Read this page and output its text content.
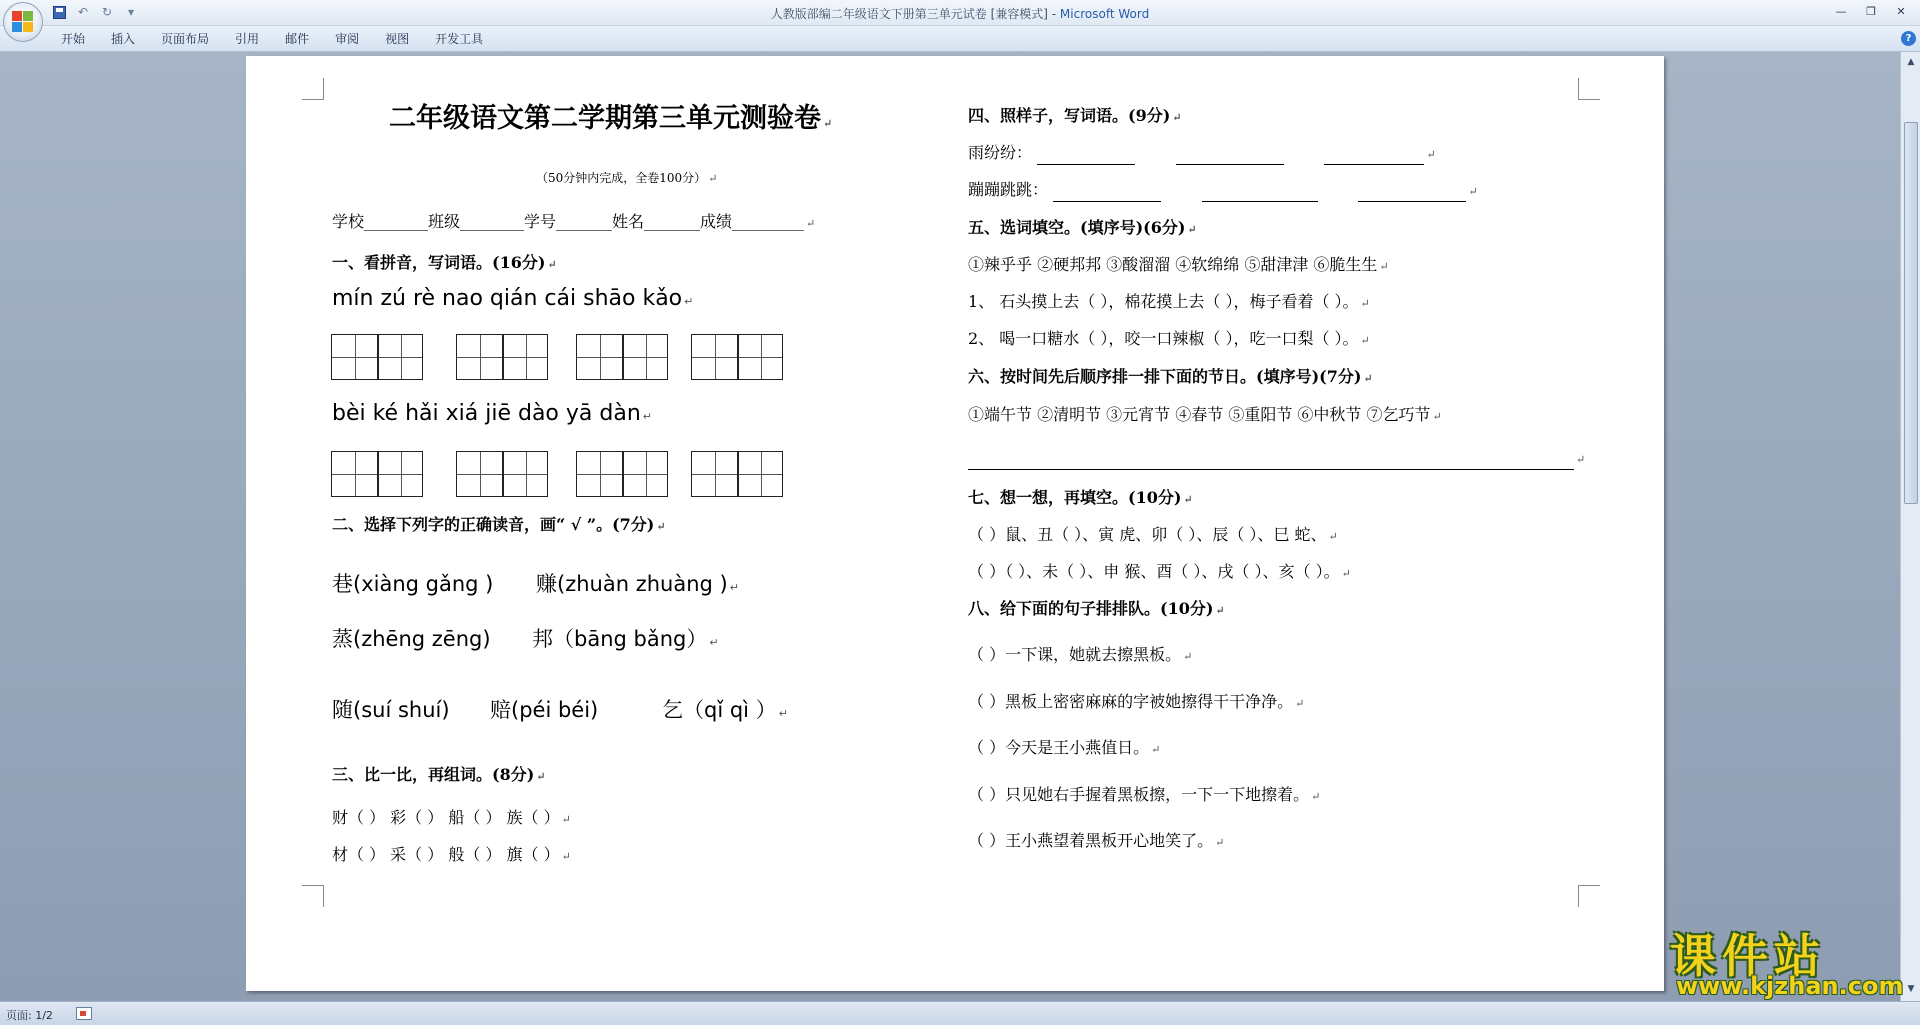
人教版部编二年级语文下册第三单元试卷 [兼容模式] - Microsoft Word
↶	↻	▾	—	❐	✕
开始	插入	页面布局	引用	邮件	审阅	视图	开发工具	?
二年级语文第二学期第三单元测验卷 ↵
（50分钟内完成，全卷100分） ↵
学校________班级________学号_______姓名_______成绩_________ ↵
一、看拼音，写词语。(16分) ↵
mín zú rè nao qián cái shāo kǎo ↵
bèi ké hǎi xiá jiē dào yā dàn ↵
二、选择下列字的正确读音，画“ √ ”。(7分) ↵
巷(xiàng gǎng ) 赚(zhuàn zhuàng ) ↵
蒸(zhēng zēng) 邦（bāng bǎng） ↵
随(suí shuí) 赔(péi béi)	乞（qǐ qì ） ↵
三、比一比，再组词。(8分) ↵
财（ ） 彩（ ） 船（ ） 族（ ） ↵
材（ ） 采（ ） 般（ ） 旗（ ） ↵
四、照样子，写词语。(9分) ↵
雨纷纷：	↵
蹦蹦跳跳：	↵
五、选词填空。(填序号)(6分) ↵
①辣乎乎 ②硬邦邦 ③酸溜溜 ④软绵绵 ⑤甜津津 ⑥脆生生 ↵
1、 石头摸上去（ ），棉花摸上去（ ），梅子看着（ ）。 ↵
2、 喝一口糖水（ ），咬一口辣椒（ ），吃一口梨（ ）。 ↵
六、按时间先后顺序排一排下面的节日。(填序号)(7分) ↵
①端午节 ②清明节 ③元宵节 ④春节 ⑤重阳节 ⑥中秋节 ⑦乞巧节 ↵
↵
七、想一想，再填空。(10分) ↵
（ ）鼠、丑（ ）、寅 虎、卯（ ）、辰（ ）、巳 蛇、 ↵
（ ）（ ）、未（ ）、申 猴、酉（ ）、戌（ ）、亥（ ）。 ↵
八、给下面的句子排排队。(10分) ↵
（ ）一下课，她就去擦黑板。 ↵
（ ）黑板上密密麻麻的字被她擦得干干净净。 ↵
（ ）今天是王小燕值日。 ↵
（ ）只见她右手握着黑板擦，一下一下地擦着。 ↵
（ ）王小燕望着黑板开心地笑了。 ↵
▲
▼
课件站
www.kjzhan.com
页面: 1/2
